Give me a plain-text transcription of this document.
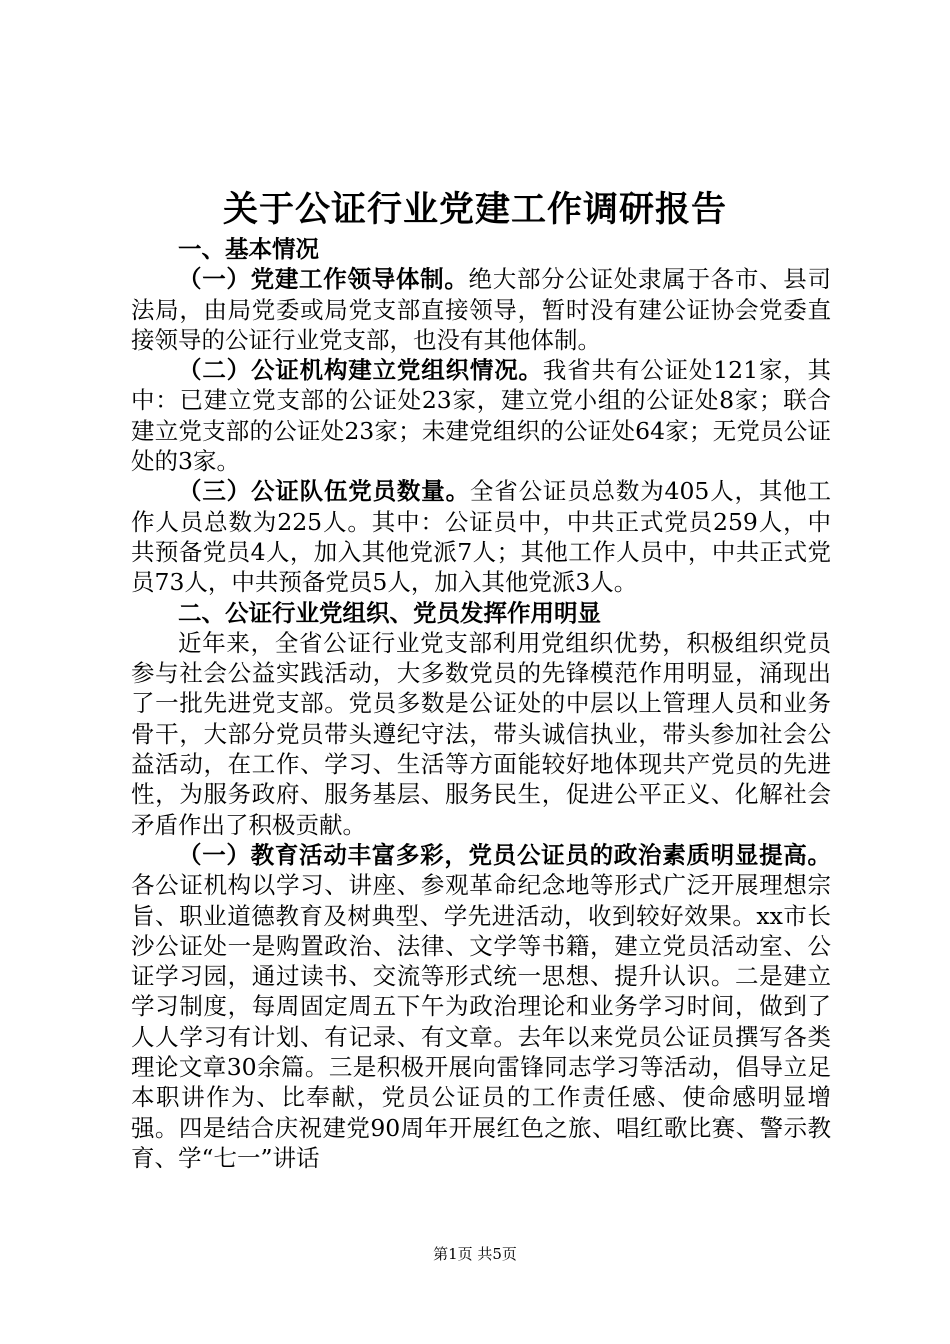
关于公证行业党建工作调研报告

一、基本情况

（一）党建工作领导体制。绝大部分公证处隶属于各市、县司法局，由局党委或局党支部直接领导，暂时没有建公证协会党委直接领导的公证行业党支部，也没有其他体制。

（二）公证机构建立党组织情况。我省共有公证处121家，其中：已建立党支部的公证处23家，建立党小组的公证处8家；联合建立党支部的公证处23家；未建党组织的公证处64家；无党员公证处的3家。

（三）公证队伍党员数量。全省公证员总数为405人，其他工作人员总数为225人。其中：公证员中，中共正式党员259人，中共预备党员4人，加入其他党派7人；其他工作人员中，中共正式党员73人，中共预备党员5人，加入其他党派3人。

二、公证行业党组织、党员发挥作用明显

近年来，全省公证行业党支部利用党组织优势，积极组织党员参与社会公益实践活动，大多数党员的先锋模范作用明显，涌现出了一批先进党支部。党员多数是公证处的中层以上管理人员和业务骨干，大部分党员带头遵纪守法，带头诚信执业，带头参加社会公益活动，在工作、学习、生活等方面能较好地体现共产党员的先进性，为服务政府、服务基层、服务民生，促进公平正义、化解社会矛盾作出了积极贡献。

（一）教育活动丰富多彩，党员公证员的政治素质明显提高。各公证机构以学习、讲座、参观革命纪念地等形式广泛开展理想宗旨、职业道德教育及树典型、学先进活动，收到较好效果。xx市长沙公证处一是购置政治、法律、文学等书籍，建立党员活动室、公证学习园，通过读书、交流等形式统一思想、提升认识。二是建立学习制度，每周固定周五下午为政治理论和业务学习时间，做到了人人学习有计划、有记录、有文章。去年以来党员公证员撰写各类理论文章30余篇。三是积极开展向雷锋同志学习等活动，倡导立足本职讲作为、比奉献，党员公证员的工作责任感、使命感明显增强。四是结合庆祝建党90周年开展红色之旅、唱红歌比赛、警示教育、学“七一”讲话

第1页 共5页
